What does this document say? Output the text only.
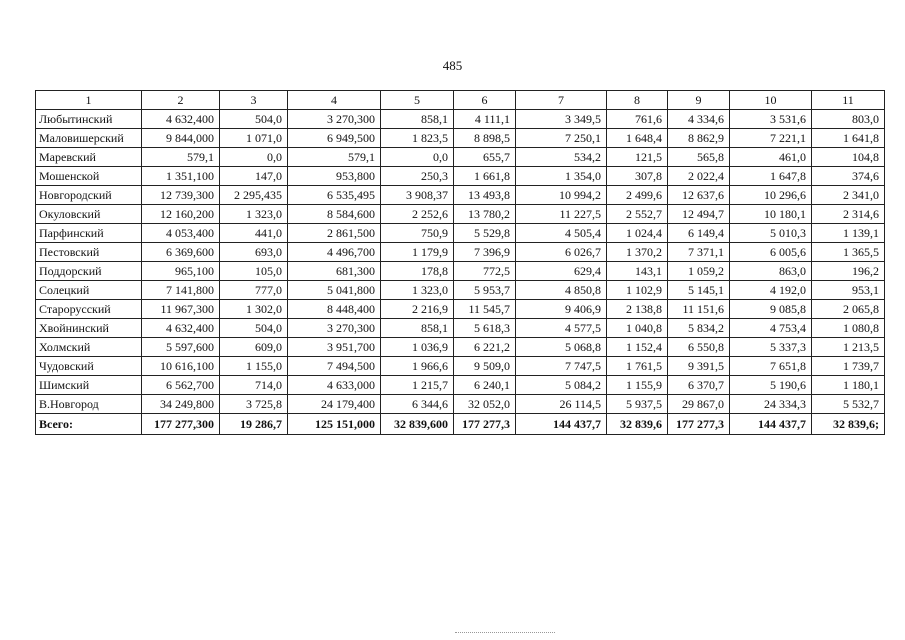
485
1	2	3	4	5	6	7	8	9	10	11
Любытинский	4 632,400	504,0	3 270,300	858,1	4 111,1	3 349,5	761,6	4 334,6	3 531,6	803,0
Маловишерский	9 844,000	1 071,0	6 949,500	1 823,5	8 898,5	7 250,1	1 648,4	8 862,9	7 221,1	1 641,8
Маревский	579,1	0,0	579,1	0,0	655,7	534,2	121,5	565,8	461,0	104,8
Мошенской	1 351,100	147,0	953,800	250,3	1 661,8	1 354,0	307,8	2 022,4	1 647,8	374,6
Новгородский	12 739,300	2 295,435	6 535,495	3 908,37	13 493,8	10 994,2	2 499,6	12 637,6	10 296,6	2 341,0
Окуловский	12 160,200	1 323,0	8 584,600	2 252,6	13 780,2	11 227,5	2 552,7	12 494,7	10 180,1	2 314,6
Парфинский	4 053,400	441,0	2 861,500	750,9	5 529,8	4 505,4	1 024,4	6 149,4	5 010,3	1 139,1
Пестовский	6 369,600	693,0	4 496,700	1 179,9	7 396,9	6 026,7	1 370,2	7 371,1	6 005,6	1 365,5
Поддорский	965,100	105,0	681,300	178,8	772,5	629,4	143,1	1 059,2	863,0	196,2
Солецкий	7 141,800	777,0	5 041,800	1 323,0	5 953,7	4 850,8	1 102,9	5 145,1	4 192,0	953,1
Старорусский	11 967,300	1 302,0	8 448,400	2 216,9	11 545,7	9 406,9	2 138,8	11 151,6	9 085,8	2 065,8
Хвойнинский	4 632,400	504,0	3 270,300	858,1	5 618,3	4 577,5	1 040,8	5 834,2	4 753,4	1 080,8
Холмский	5 597,600	609,0	3 951,700	1 036,9	6 221,2	5 068,8	1 152,4	6 550,8	5 337,3	1 213,5
Чудовский	10 616,100	1 155,0	7 494,500	1 966,6	9 509,0	7 747,5	1 761,5	9 391,5	7 651,8	1 739,7
Шимский	6 562,700	714,0	4 633,000	1 215,7	6 240,1	5 084,2	1 155,9	6 370,7	5 190,6	1 180,1
В.Новгород	34 249,800	3 725,8	24 179,400	6 344,6	32 052,0	26 114,5	5 937,5	29 867,0	24 334,3	5 532,7
Всего:	177 277,300	19 286,7	125 151,000	32 839,600	177 277,3	144 437,7	32 839,6	177 277,3	144 437,7	32 839,6;
